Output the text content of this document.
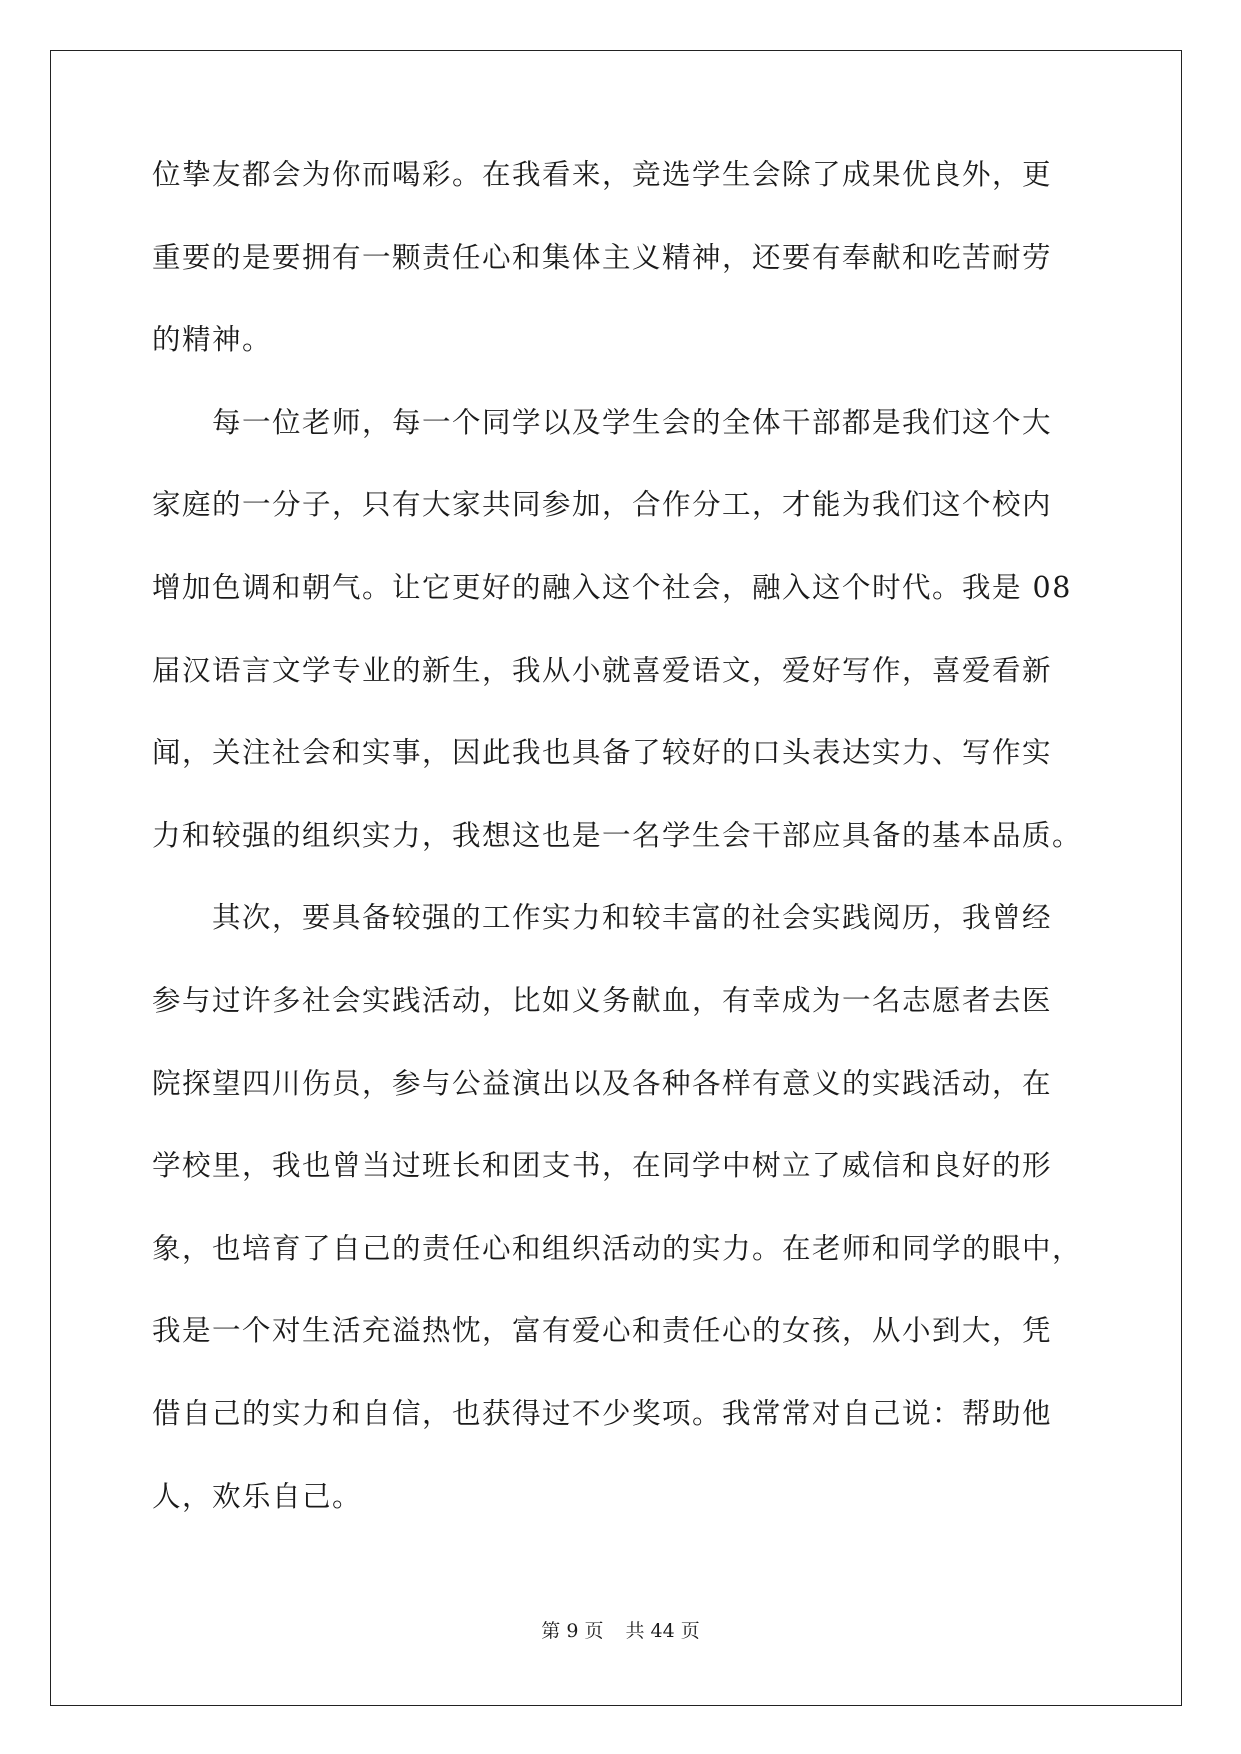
位挚友都会为你而喝彩。在我看来，竞选学生会除了成果优良外，更
重要的是要拥有一颗责任心和集体主义精神，还要有奉献和吃苦耐劳
的精神。
　　每一位老师，每一个同学以及学生会的全体干部都是我们这个大
家庭的一分子，只有大家共同参加，合作分工，才能为我们这个校内
增加色调和朝气。让它更好的融入这个社会，融入这个时代。我是 08
届汉语言文学专业的新生，我从小就喜爱语文，爱好写作，喜爱看新
闻，关注社会和实事，因此我也具备了较好的口头表达实力、写作实
力和较强的组织实力，我想这也是一名学生会干部应具备的基本品质。
　　其次，要具备较强的工作实力和较丰富的社会实践阅历，我曾经
参与过许多社会实践活动，比如义务献血，有幸成为一名志愿者去医
院探望四川伤员，参与公益演出以及各种各样有意义的实践活动，在
学校里，我也曾当过班长和团支书，在同学中树立了威信和良好的形
象，也培育了自己的责任心和组织活动的实力。在老师和同学的眼中，
我是一个对生活充溢热忱，富有爱心和责任心的女孩，从小到大，凭
借自己的实力和自信，也获得过不少奖项。我常常对自己说：帮助他
人，欢乐自己。
第 9 页 共 44 页
